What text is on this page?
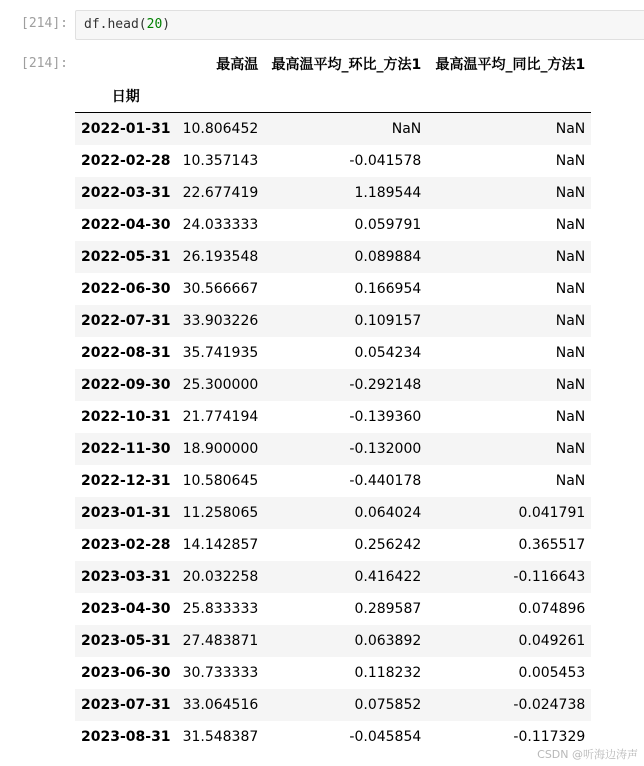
[214]: df.head(20)
[214]:
		最高温	最高温平均_环比_方法1	最高温平均_同比_方法1
日期			
2022-01-31	10.806452	NaN	NaN
2022-02-28	10.357143	-0.041578	NaN
2022-03-31	22.677419	1.189544	NaN
2022-04-30	24.033333	0.059791	NaN
2022-05-31	26.193548	0.089884	NaN
2022-06-30	30.566667	0.166954	NaN
2022-07-31	33.903226	0.109157	NaN
2022-08-31	35.741935	0.054234	NaN
2022-09-30	25.300000	-0.292148	NaN
2022-10-31	21.774194	-0.139360	NaN
2022-11-30	18.900000	-0.132000	NaN
2022-12-31	10.580645	-0.440178	NaN
2023-01-31	11.258065	0.064024	0.041791
2023-02-28	14.142857	0.256242	0.365517
2023-03-31	20.032258	0.416422	-0.116643
2023-04-30	25.833333	0.289587	0.074896
2023-05-31	27.483871	0.063892	0.049261
2023-06-30	30.733333	0.118232	0.005453
2023-07-31	33.064516	0.075852	-0.024738
2023-08-31	31.548387	-0.045854	-0.117329
CSDN @听海边涛声
